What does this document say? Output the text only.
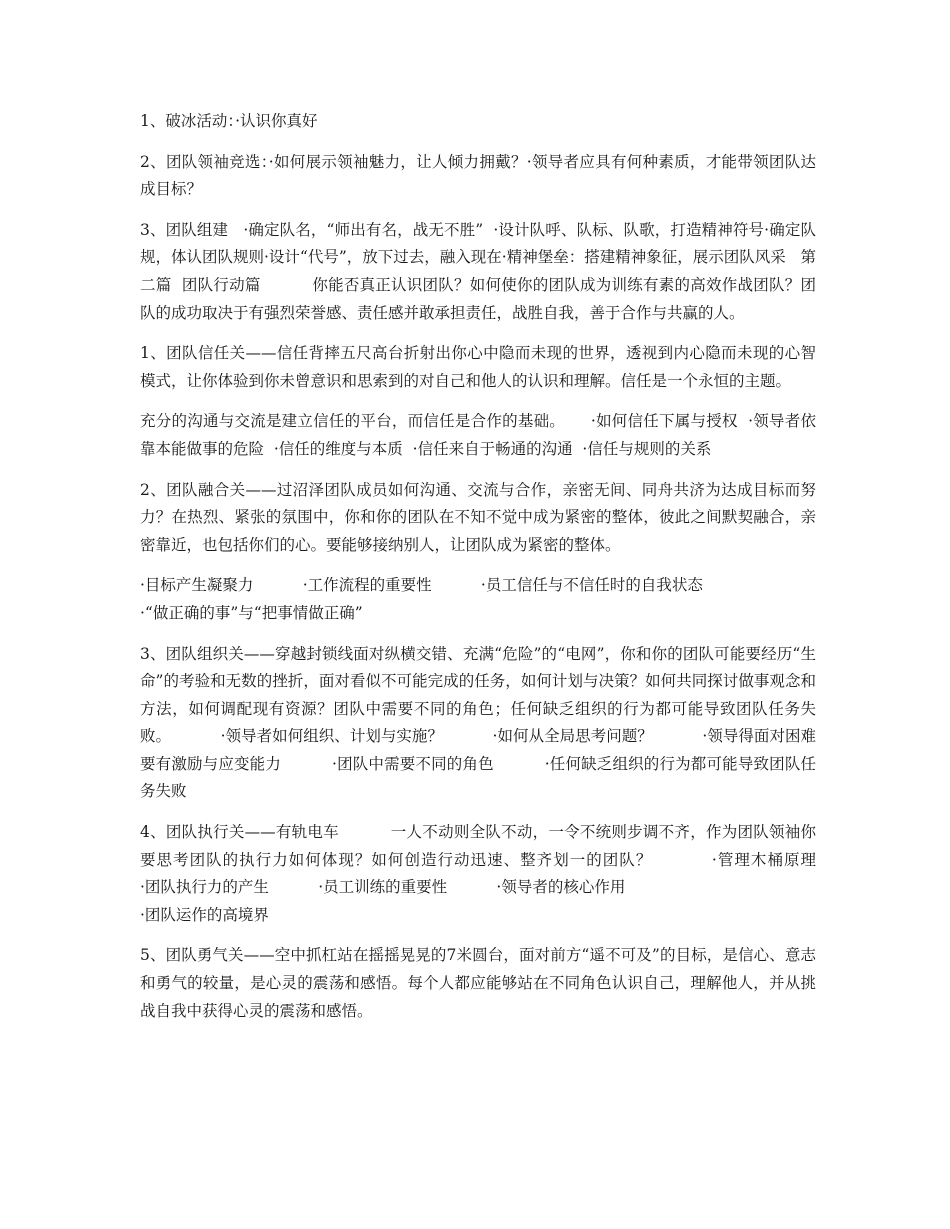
1、破冰活动：·认识你真好

2、团队领袖竞选：·如何展示领袖魅力，让人倾力拥戴？·领导者应具有何种素质，才能带领团队达成目标？

3、团队组建   ·确定队名，“师出有名，战无不胜”  ·设计队呼、队标、队歌，打造精神符号·确定队规，体认团队规则·设计“代号”，放下过去，融入现在·精神堡垒：搭建精神象征，展示团队风采   第二篇  团队行动篇          你能否真正认识团队？如何使你的团队成为训练有素的高效作战团队？团队的成功取决于有强烈荣誉感、责任感并敢承担责任，战胜自我，善于合作与共赢的人。

1、团队信任关——信任背摔五尺高台折射出你心中隐而未现的世界，透视到内心隐而未现的心智模式，让你体验到你未曾意识和思索到的对自己和他人的认识和理解。信任是一个永恒的主题。

充分的沟通与交流是建立信任的平台，而信任是合作的基础。     ·如何信任下属与授权  ·领导者依靠本能做事的危险  ·信任的维度与本质  ·信任来自于畅通的沟通  ·信任与规则的关系

2、团队融合关——过沼泽团队成员如何沟通、交流与合作，亲密无间、同舟共济为达成目标而努力？在热烈、紧张的氛围中，你和你的团队在不知不觉中成为紧密的整体，彼此之间默契融合，亲密靠近，也包括你们的心。要能够接纳别人，让团队成为紧密的整体。

·目标产生凝聚力          ·工作流程的重要性          ·员工信任与不信任时的自我状态
·“做正确的事”与“把事情做正确”

3、团队组织关——穿越封锁线面对纵横交错、充满“危险”的“电网”，你和你的团队可能要经历“生命”的考验和无数的挫折，面对看似不可能完成的任务，如何计划与决策？如何共同探讨做事观念和方法，如何调配现有资源？团队中需要不同的角色；任何缺乏组织的行为都可能导致团队任务失败。          ·领导者如何组织、计划与实施？          ·如何从全局思考问题？          ·领导得面对困难要有激励与应变能力          ·团队中需要不同的角色          ·任何缺乏组织的行为都可能导致团队任务失败

4、团队执行关——有轨电车          一人不动则全队不动，一令不统则步调不齐，作为团队领袖你要思考团队的执行力如何体现？如何创造行动迅速、整齐划一的团队？          ·管理木桶原理          ·团队执行力的产生          ·员工训练的重要性          ·领导者的核心作用
·团队运作的高境界

5、团队勇气关——空中抓杠站在摇摇晃晃的7米圆台，面对前方“遥不可及”的目标，是信心、意志和勇气的较量，是心灵的震荡和感悟。每个人都应能够站在不同角色认识自己，理解他人，并从挑战自我中获得心灵的震荡和感悟。
